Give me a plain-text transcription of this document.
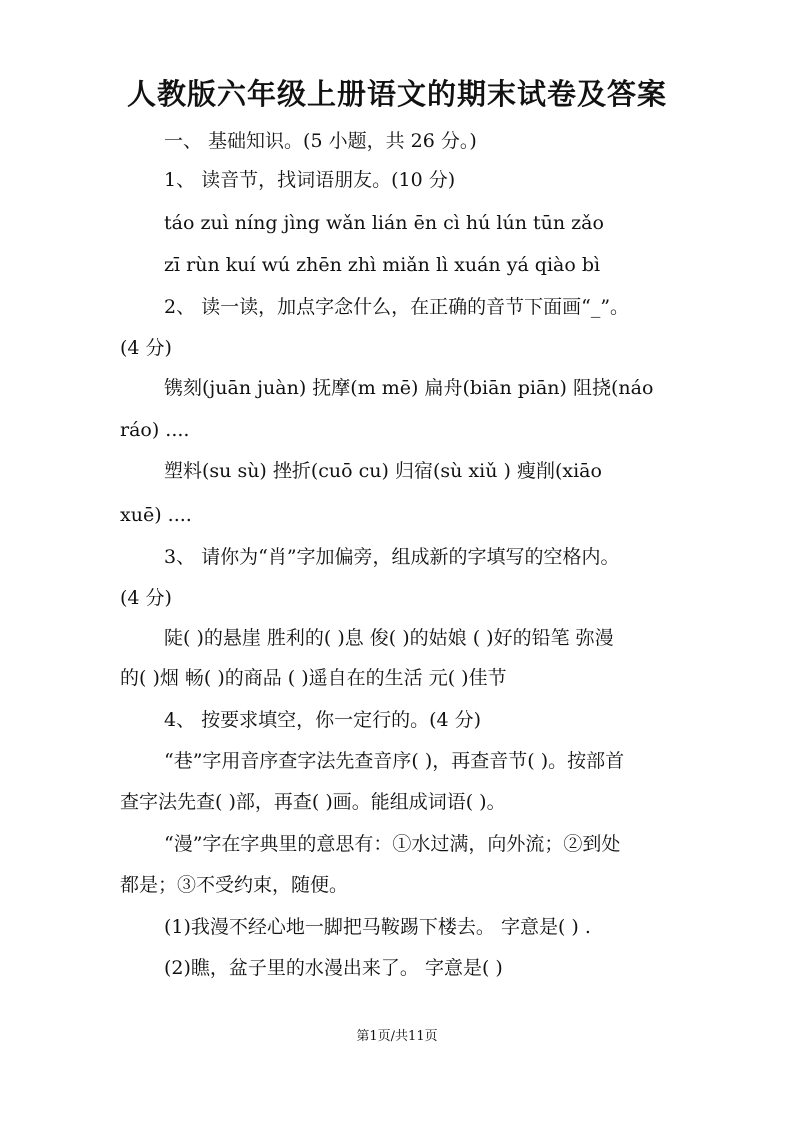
人教版六年级上册语文的期末试卷及答案
一、 基础知识。(5 小题，共 26 分。)
1、 读音节，找词语朋友。(10 分)
táo zuì níng jìng wǎn lián ēn cì hú lún tūn zǎo
zī rùn kuí wú zhēn zhì miǎn lì xuán yá qiào bì
2、 读一读，加点字念什么，在正确的音节下面画“_”。
(4 分)
镌刻(juān juàn) 抚摩(m mē) 扁舟(biān piān) 阻挠(náo
ráo) ....
塑料(su sù) 挫折(cuō cu) 归宿(sù xiǔ ) 瘦削(xiāo
xuē) ....
3、 请你为“肖”字加偏旁，组成新的字填写的空格内。
(4 分)
陡( )的悬崖 胜利的( )息 俊( )的姑娘 ( )好的铅笔 弥漫
的( )烟 畅( )的商品 ( )遥自在的生活 元( )佳节
4、 按要求填空，你一定行的。(4 分)
“巷”字用音序查字法先查音序( )，再查音节( )。按部首
查字法先查( )部，再查( )画。能组成词语( )。
“漫”字在字典里的意思有：①水过满，向外流；②到处
都是；③不受约束，随便。
(1)我漫不经心地一脚把马鞍踢下楼去。 字意是( ) .
(2)瞧，盆子里的水漫出来了。 字意是( )
第1页/共11页
